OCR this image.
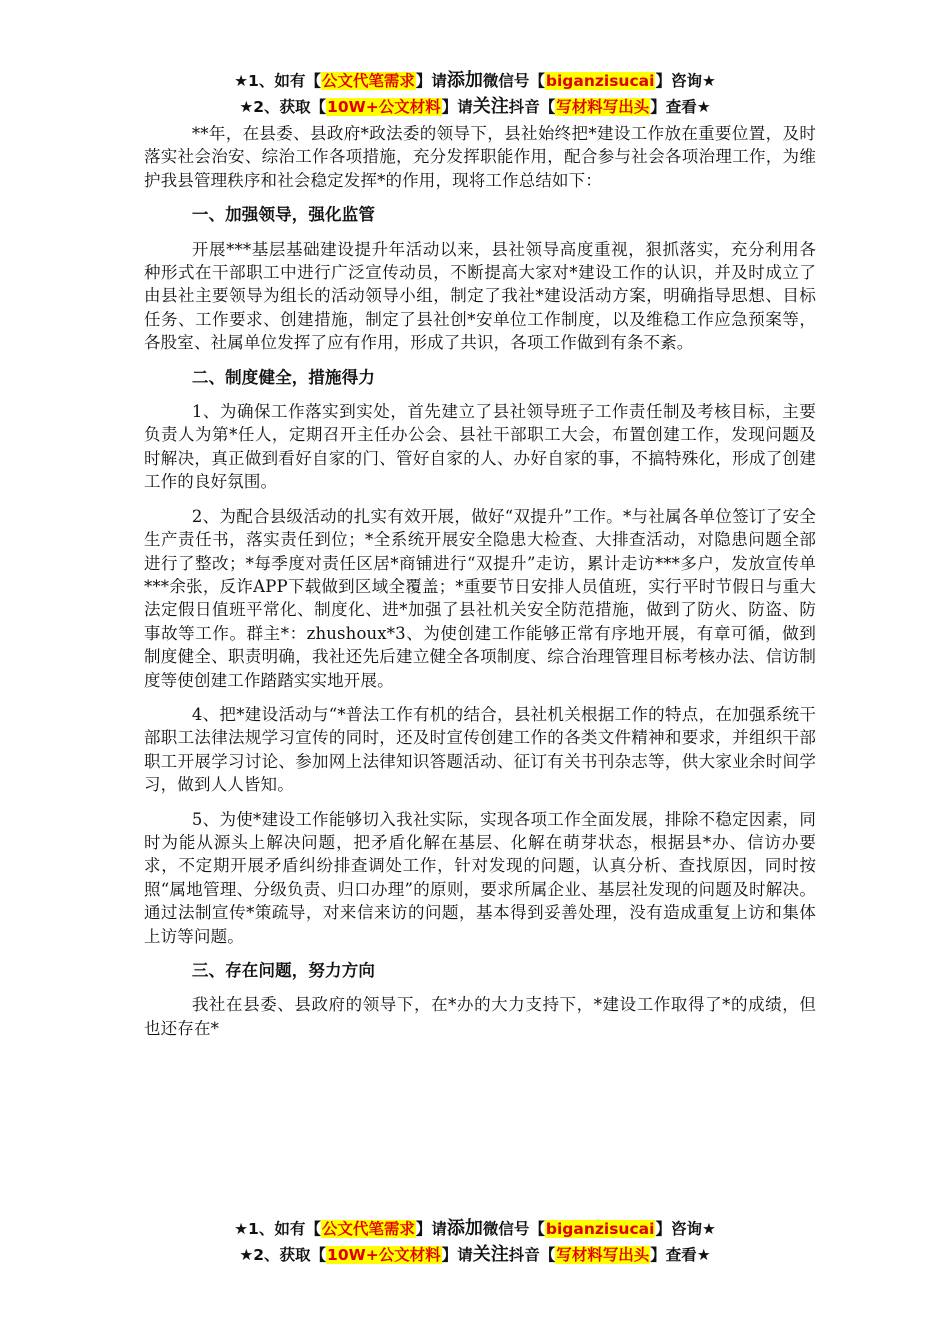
★1、如有【公文代笔需求】请添加微信号【biganzisucai】咨询★
★2、获取【10W+公文材料】请关注抖音【写材料写出头】查看★

**年，在县委、县政府*政法委的领导下，县社始终把*建设工作放在重要位置，及时落实社会治安、综治工作各项措施，充分发挥职能作用，配合参与社会各项治理工作，为维护我县管理秩序和社会稳定发挥*的作用，现将工作总结如下：

一、加强领导，强化监管

开展***基层基础建设提升年活动以来，县社领导高度重视，狠抓落实，充分利用各种形式在干部职工中进行广泛宣传动员，不断提高大家对*建设工作的认识，并及时成立了由县社主要领导为组长的活动领导小组，制定了我社*建设活动方案，明确指导思想、目标任务、工作要求、创建措施，制定了县社创*安单位工作制度，以及维稳工作应急预案等，各股室、社属单位发挥了应有作用，形成了共识，各项工作做到有条不紊。

二、制度健全，措施得力

1、为确保工作落实到实处，首先建立了县社领导班子工作责任制及考核目标，主要负责人为第*任人，定期召开主任办公会、县社干部职工大会，布置创建工作，发现问题及时解决，真正做到看好自家的门、管好自家的人、办好自家的事，不搞特殊化，形成了创建工作的良好氛围。

2、为配合县级活动的扎实有效开展，做好“双提升”工作。*与社属各单位签订了安全生产责任书，落实责任到位；*全系统开展安全隐患大检查、大排查活动，对隐患问题全部进行了整改；*每季度对责任区居*商铺进行“双提升”走访，累计走访***多户，发放宣传单***余张，反诈APP下载做到区域全覆盖；*重要节日安排人员值班，实行平时节假日与重大法定假日值班平常化、制度化、进*加强了县社机关安全防范措施，做到了防火、防盗、防事故等工作。群主*：zhushoux*3、为使创建工作能够正常有序地开展，有章可循，做到制度健全、职责明确，我社还先后建立健全各项制度、综合治理管理目标考核办法、信访制度等使创建工作踏踏实实地开展。

4、把*建设活动与“*普法工作有机的结合，县社机关根据工作的特点，在加强系统干部职工法律法规学习宣传的同时，还及时宣传创建工作的各类文件精神和要求，并组织干部职工开展学习讨论、参加网上法律知识答题活动、征订有关书刊杂志等，供大家业余时间学习，做到人人皆知。

5、为使*建设工作能够切入我社实际，实现各项工作全面发展，排除不稳定因素，同时为能从源头上解决问题，把矛盾化解在基层、化解在萌芽状态，根据县*办、信访办要求，不定期开展矛盾纠纷排查调处工作，针对发现的问题，认真分析、查找原因，同时按照“属地管理、分级负责、归口办理”的原则，要求所属企业、基层社发现的问题及时解决。通过法制宣传*策疏导，对来信来访的问题，基本得到妥善处理，没有造成重复上访和集体上访等问题。

三、存在问题，努力方向

我社在县委、县政府的领导下，在*办的大力支持下，*建设工作取得了*的成绩，但也还存在*

★1、如有【公文代笔需求】请添加微信号【biganzisucai】咨询★
★2、获取【10W+公文材料】请关注抖音【写材料写出头】查看★
